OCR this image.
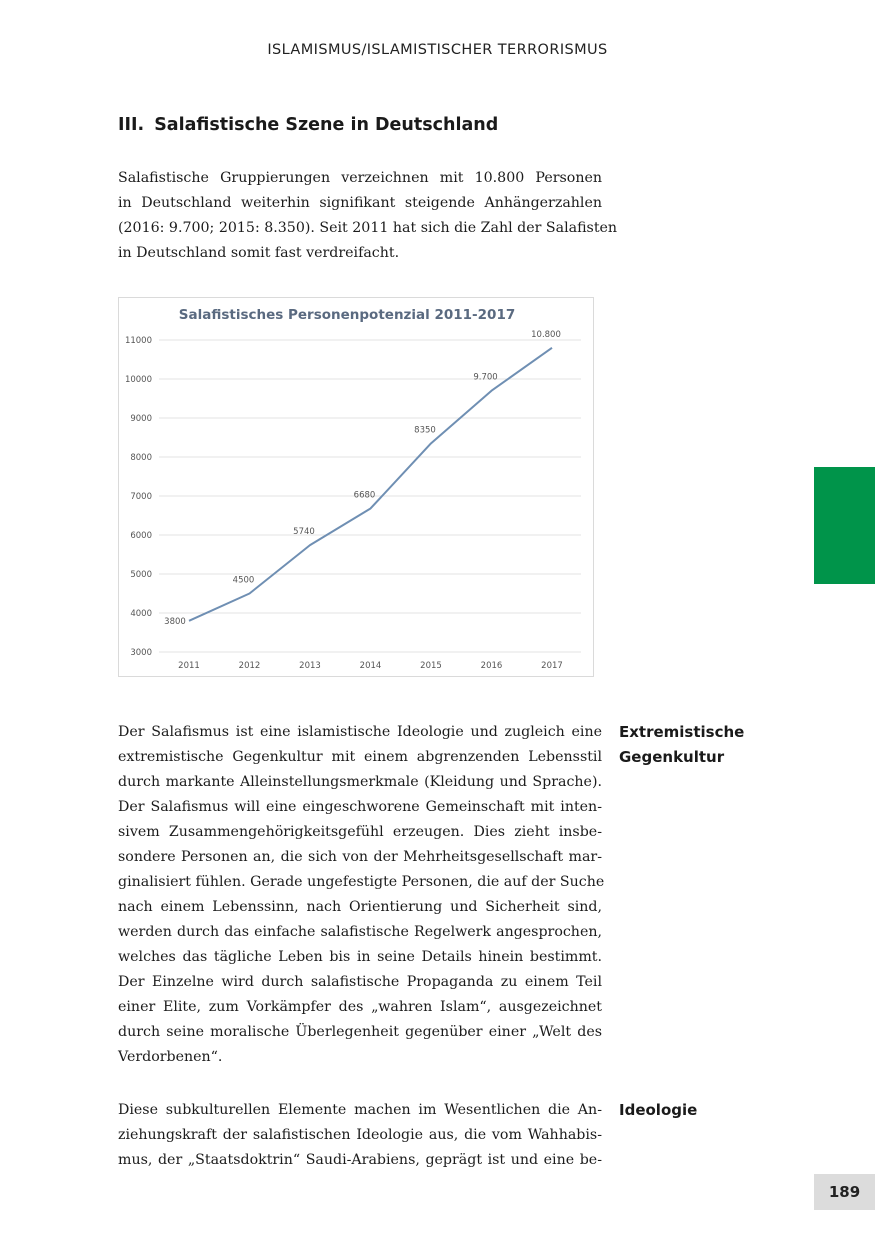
ISLAMISMUS/ISLAMISTISCHER TERRORISMUS
III. Salafistische Szene in Deutschland
Salafistische Gruppierungen verzeichnen mit 10.800 Personen
in Deutschland weiterhin signifikant steigende Anhängerzahlen
(2016: 9.700; 2015: 8.350). Seit 2011 hat sich die Zahl der Salafisten
in Deutschland somit fast verdreifacht.
Salafistisches Personenpotenzial 2011-2017
3000
4000
5000
6000
7000
8000
9000
10000
11000
2011	2012	2013	2014	2015	2016	2017
3800
4500
5740
6680
8350
9.700
10.800
Der Salafismus ist eine islamistische Ideologie und zugleich eine
extremistische Gegenkultur mit einem abgrenzenden Lebensstil
durch markante Alleinstellungsmerkmale (Kleidung und Sprache).
Der Salafismus will eine eingeschworene Gemeinschaft mit inten-
sivem Zusammengehörigkeitsgefühl erzeugen. Dies zieht insbe-
sondere Personen an, die sich von der Mehrheitsgesellschaft mar-
ginalisiert fühlen. Gerade ungefestigte Personen, die auf der Suche
nach einem Lebenssinn, nach Orientierung und Sicherheit sind,
werden durch das einfache salafistische Regelwerk angesprochen,
welches das tägliche Leben bis in seine Details hinein bestimmt.
Der Einzelne wird durch salafistische Propaganda zu einem Teil
einer Elite, zum Vorkämpfer des „wahren Islam“, ausgezeichnet
durch seine moralische Überlegenheit gegenüber einer „Welt des
Verdorbenen“.
Extremistische
Gegenkultur
Diese subkulturellen Elemente machen im Wesentlichen die An-
ziehungskraft der salafistischen Ideologie aus, die vom Wahhabis-
mus, der „Staatsdoktrin“ Saudi-Arabiens, geprägt ist und eine be-
Ideologie
189
